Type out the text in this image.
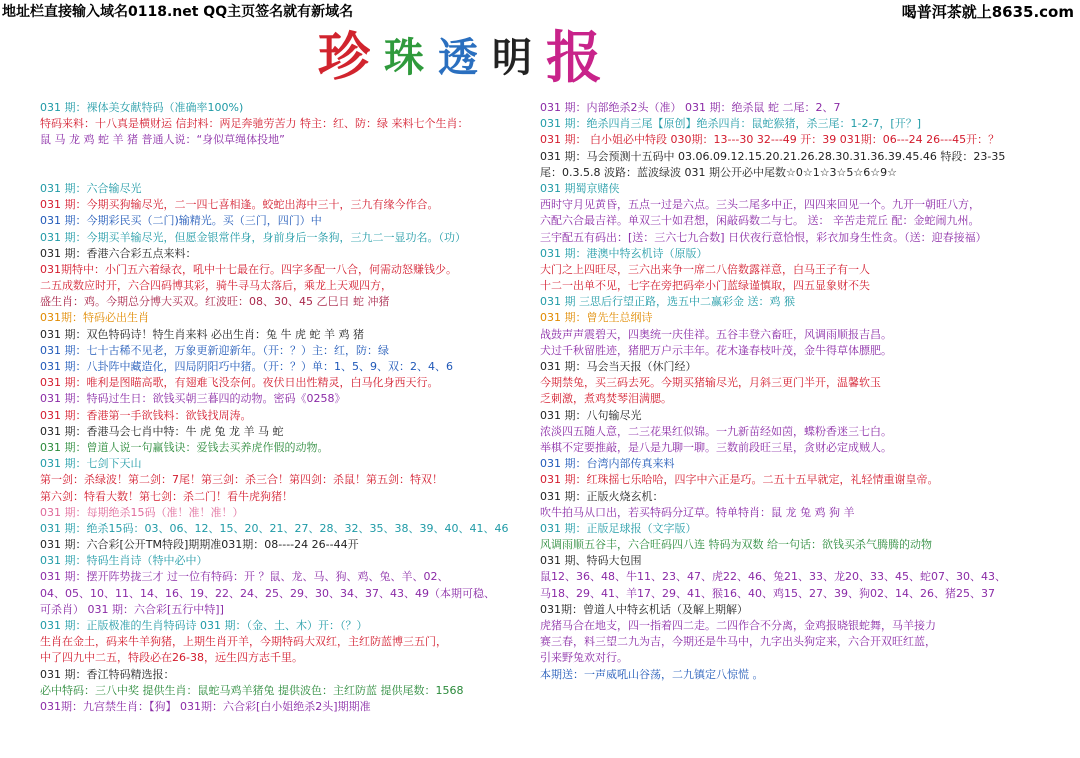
地址栏直接输入域名0118.net QQ主页签名就有新域名	喝普洱茶就上8635.com
珍 珠 透 明 报
031 期：裸体美女献特码（准确率100%)
特码来料：十八真是横财运 信封料：两足奔驰劳苦力 特主：红、防：绿 来料七个生肖：
鼠 马 龙 鸡 蛇 羊 猪 普通人说：“身似草绳体投地”
031 期：六合输尽光
031 期：今期买狗输尽光，二一四七喜相逢。蛟蛇出海中三十，三九有缘今作合。
031 期：今期彩民买（二门)输精光。买（三门，四门）中
031 期：今期买羊输尽光，但愿金银常伴身，身前身后一条狗，三九二一显功名。（功）
031 期：香港六合彩五点来料：
031期特中：小门五六着绿衣，吼中十七最在行。四字多配一八合，何需动怒赚钱少。
二五成数应时开，六合四码博其彩，骑牛寻马太落后，乘龙上天观四方，
盛生肖：鸡。今期总分博大买双。红波旺：08、30、45 乙巳日 蛇 冲猪
031期：特码必出生肖
031 期：双色特码诗！特生肖来料 必出生肖：兔 牛 虎 蛇 羊 鸡 猪
031 期：七十古稀不见老，万象更新迎新年。（开：？）主：红，防：绿
031 期：八卦阵中藏造化，四局阴阳巧中猪。（开：？）单：1、5、9、双：2、4、6
031 期：唯利是图瞄高歌，有翅难飞没奈何。夜伏日出性精灵，白马化身西天行。
031 期：特码过生日：欲钱买朝三暮四的动物。密码《0258》
031 期：香港第一手欲钱料：欲钱找周涛。
031 期：香港马会七肖中特：牛 虎 兔 龙 羊 马 蛇
031 期：曾道人说一句赢钱诀：爱钱去买养虎作假的动物。
031 期：七剑下天山
第一剑：杀绿波！第二剑：7尾！第三剑：杀三合！第四剑：杀鼠！第五剑：特双！
第六剑：特看大数！第七剑：杀二门！看牛虎狗猪！
031 期：每期绝杀15码（准！准！准！）
031 期：绝杀15码：03、06、12、15、20、21、27、28、32、35、38、39、40、41、46
031 期：六合彩[公开TM特段]期期准031期：08----24 26--44开
031 期：特码生肖诗（特中必中）
031 期：摆开阵势拢三才 过一位有特码：开 ？鼠、龙、马、狗、鸡、兔、羊、02、
04、05、10、11、14、16、19、22、24、25、29、30、34、37、43、49（本期可稳、
可杀肖） 031 期：六合彩[五行中特]]
031 期：正版极准的生肖特码诗 031 期：（金、土、木）开：（？）
生肖在金土，码来牛羊狗猪，上期生肖开羊，今期特码大双红，主红防蓝博三五门，
中了四九中二五，特段必在26-38，远生四方志千里。
031 期：香江特码精选报：
必中特码：三八中奖 提供生肖：鼠蛇马鸡羊猪兔 提供波色：主红防蓝 提供尾数：1568
031期：九宫禁生肖：【狗】 031期：六合彩[白小姐绝杀2头]期期准
031 期：内部绝杀2头（准） 031 期：绝杀鼠 蛇 二尾：2、7
031 期：绝杀四肖三尾【原创】绝杀四肖：鼠蛇猴猪，杀三尾：1-2-7，[开？]
031 期： 白小姐必中特段 030期：13---30 32---49 开：39 031期：06---24 26---45开：？
031 期：马会预测十五码中 03.06.09.12.15.20.21.26.28.30.31.36.39.45.46 特段：23-35
尾：0.3.5.8 波路：蓝波绿波 031 期公开必中尾数☆0☆1☆3☆5☆6☆9☆
031 期蜀京赌侠
西时守月见黄昏，五点一过是六点。三头二尾多中正，四四来回见一个。九开一朝旺八方，
六配六合最吉祥。单双三十如君想，闲敲码数二与七。 送： 辛苦走荒丘 配：金蛇闹九州。
三宇配五有码出：[送：三六七九合数] 日伏夜行意恰恨，彩衣加身生性贪。（送：迎春接福）
031 期：港澳中特玄机诗（原版）
大门之上四旺尽，三六出来争一席二八倍数露祥意，白马王子有一人
十二一出单不见，七字在旁把码牵小门蓝绿谨慎取，四五显象财不失
031 期 三思后行望正路，选五中二赢彩金 送：鸡 猴
031 期：曾先生总纲诗
战鼓声声震碧天，四奥统一庆佳祥。五谷丰登六畜旺，风调雨顺报吉昌。
犬过千秋留胜迹，猪肥万户示丰年。花木逢春枝叶茂，金牛得草体膘肥。
031 期：马会当天报（休门经）
今期禁兔，买三码去死。今期买猪输尽光，月斜三更门半开，温馨软玉
乏刺激，煮鸡焚琴泪满腮。
031 期：八句输尽光
浓淡四五随人意，二三花果红似锦。一九新苗经如茵，蝶粉香迷三七白。
举棋不定要推敲，是八是九聊一聊。三数前段旺三星，贪财必定成贼人。
031 期：台湾内部传真来料
031 期：红珠摇七乐哈哈，四字中六正是巧。二五十五早就定，礼轻情重谢皇帝。
031 期：正版火烧玄机：
吹牛拍马从口出，若买特码分辽草。特单特肖：鼠 龙 兔 鸡 狗 羊
031 期：正版足球报（文字版）
风调雨顺五谷丰，六合旺码四八连 特码为双数 给一句话：欲钱买杀气腾腾的动物
031 期、特码大包围
鼠12、36、48、牛11、23、47、虎22、46、兔21、33、龙20、33、45、蛇07、30、43、
马18、29、41、羊17、29、41、猴16、40、鸡15、27、39、狗02、14、26、猪25、37
031期：曾道人中特玄机话（及解上期解）
虎猪马合在地支，四一指着四二走。二四作合不分离，金鸡报晓银蛇舞，马羊接力
赛三春，料三望二九为吉，今期还是牛马中，九字出头狗定来，六合开双旺红蓝，
引来野兔欢对行。
本期送：一声威吼山谷荡，二九镇定八惊慌 。
